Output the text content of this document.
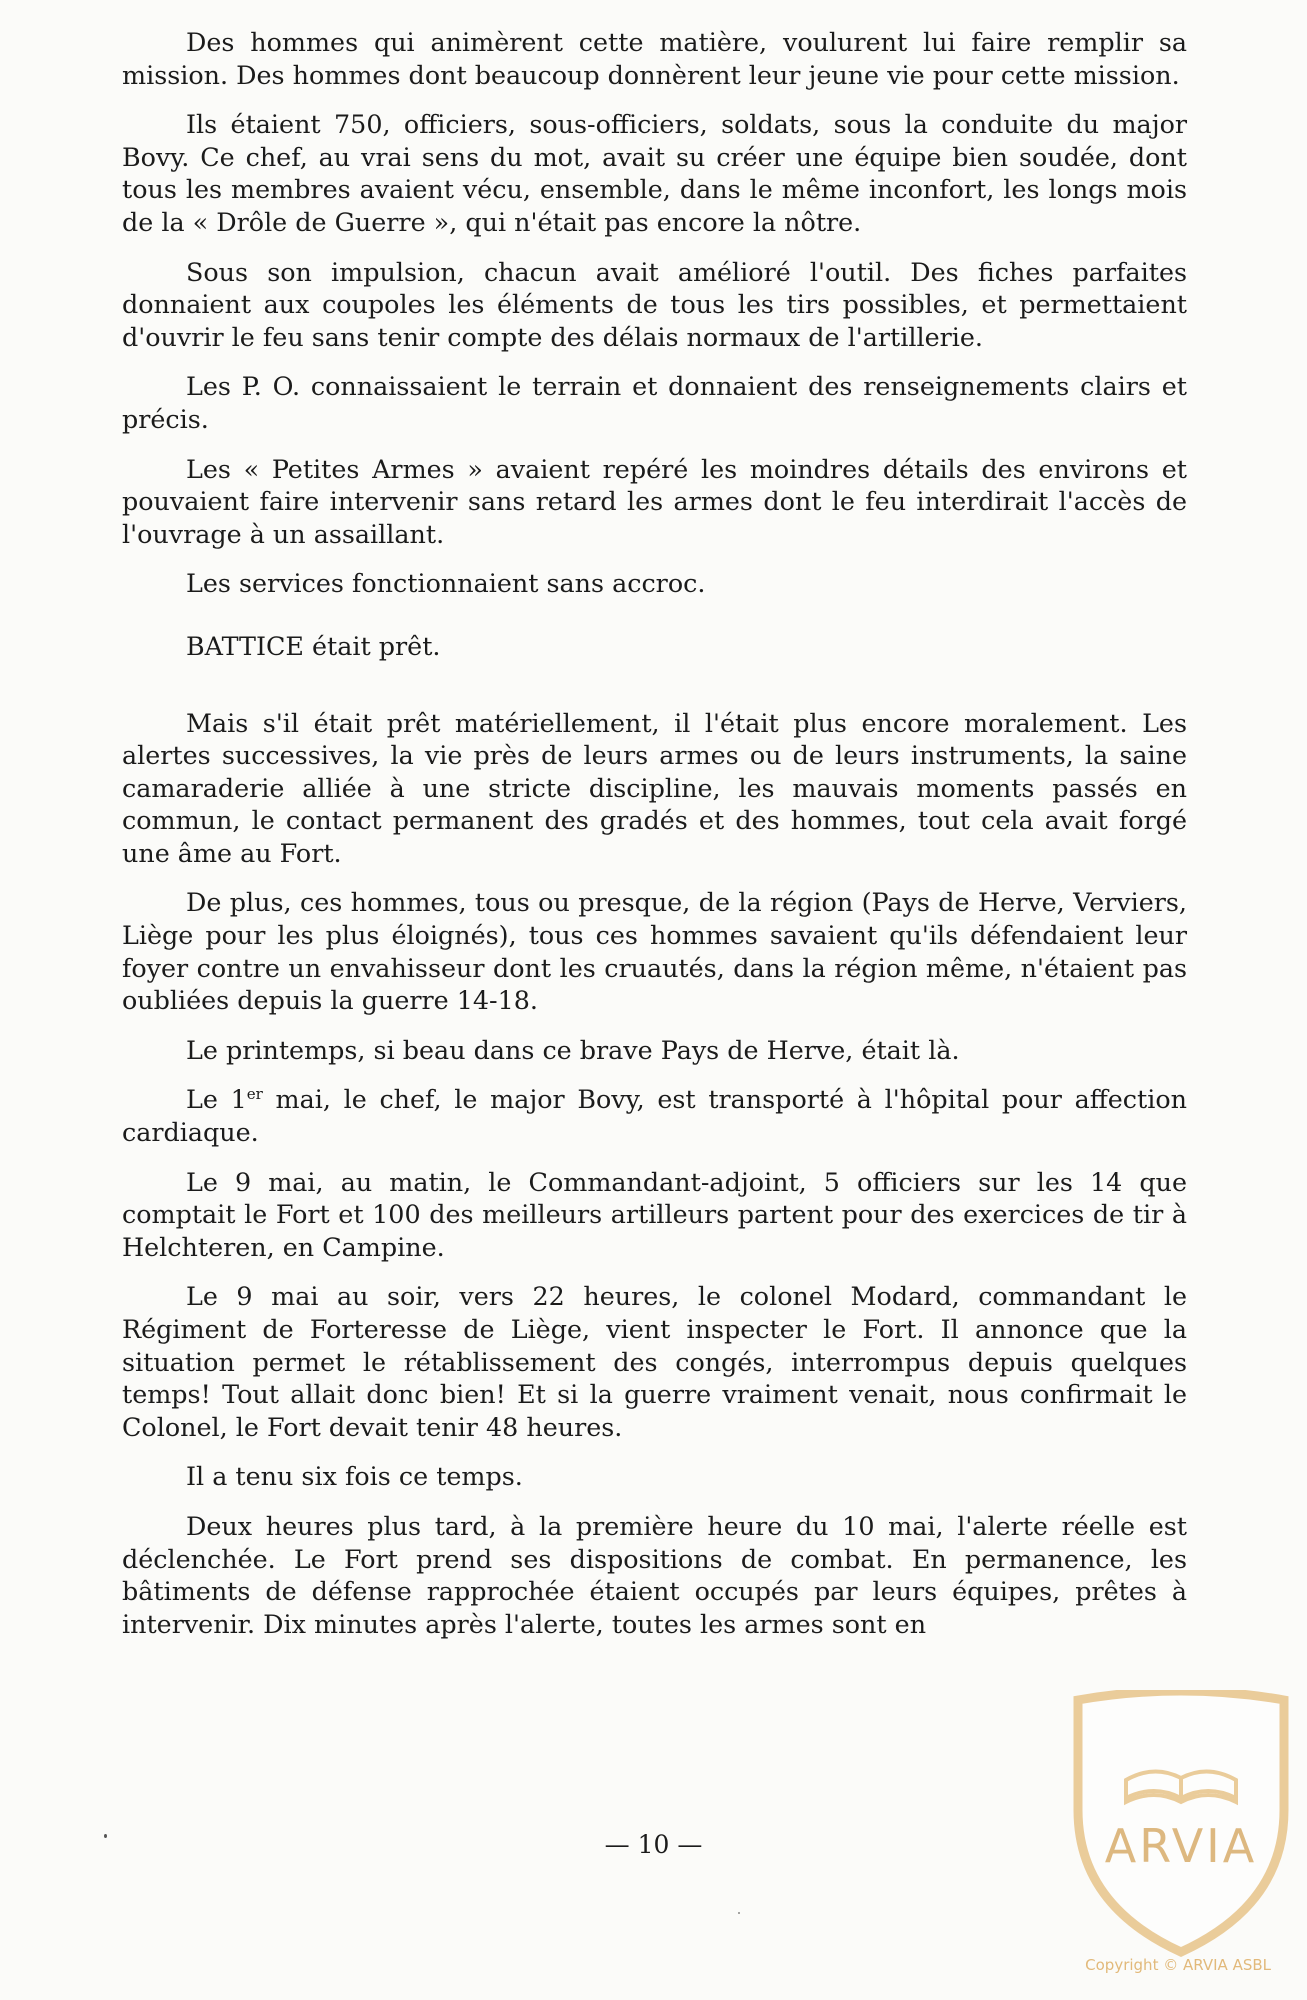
Des hommes qui animèrent cette matière, voulurent lui faire remplir sa mission. Des hommes dont beaucoup donnèrent leur jeune vie pour cette mission.

Ils étaient 750, officiers, sous-officiers, soldats, sous la conduite du major Bovy. Ce chef, au vrai sens du mot, avait su créer une équipe bien soudée, dont tous les membres avaient vécu, ensemble, dans le même inconfort, les longs mois de la « Drôle de Guerre », qui n'était pas encore la nôtre.

Sous son impulsion, chacun avait amélioré l'outil. Des fiches parfaites donnaient aux coupoles les éléments de tous les tirs possibles, et permettaient d'ouvrir le feu sans tenir compte des délais normaux de l'artillerie.

Les P. O. connaissaient le terrain et donnaient des renseignements clairs et précis.

Les « Petites Armes » avaient repéré les moindres détails des environs et pouvaient faire intervenir sans retard les armes dont le feu interdirait l'accès de l'ouvrage à un assaillant.

Les services fonctionnaient sans accroc.

BATTICE était prêt.

Mais s'il était prêt matériellement, il l'était plus encore moralement. Les alertes successives, la vie près de leurs armes ou de leurs instruments, la saine camaraderie alliée à une stricte discipline, les mauvais moments passés en commun, le contact permanent des gradés et des hommes, tout cela avait forgé une âme au Fort.

De plus, ces hommes, tous ou presque, de la région (Pays de Herve, Verviers, Liège pour les plus éloignés), tous ces hommes savaient qu'ils défendaient leur foyer contre un envahisseur dont les cruautés, dans la région même, n'étaient pas oubliées depuis la guerre 14-18.

Le printemps, si beau dans ce brave Pays de Herve, était là.

Le 1er mai, le chef, le major Bovy, est transporté à l'hôpital pour affection cardiaque.

Le 9 mai, au matin, le Commandant-adjoint, 5 officiers sur les 14 que comptait le Fort et 100 des meilleurs artilleurs partent pour des exercices de tir à Helchteren, en Campine.

Le 9 mai au soir, vers 22 heures, le colonel Modard, commandant le Régiment de Forteresse de Liège, vient inspecter le Fort. Il annonce que la situation permet le rétablissement des congés, interrompus depuis quelques temps! Tout allait donc bien! Et si la guerre vraiment venait, nous confirmait le Colonel, le Fort devait tenir 48 heures.

Il a tenu six fois ce temps.

Deux heures plus tard, à la première heure du 10 mai, l'alerte réelle est déclenchée. Le Fort prend ses dispositions de combat. En permanence, les bâtiments de défense rapprochée étaient occupés par leurs équipes, prêtes à intervenir. Dix minutes après l'alerte, toutes les armes sont en

— 10 —	ARVIA
Copyright © ARVIA ASBL
